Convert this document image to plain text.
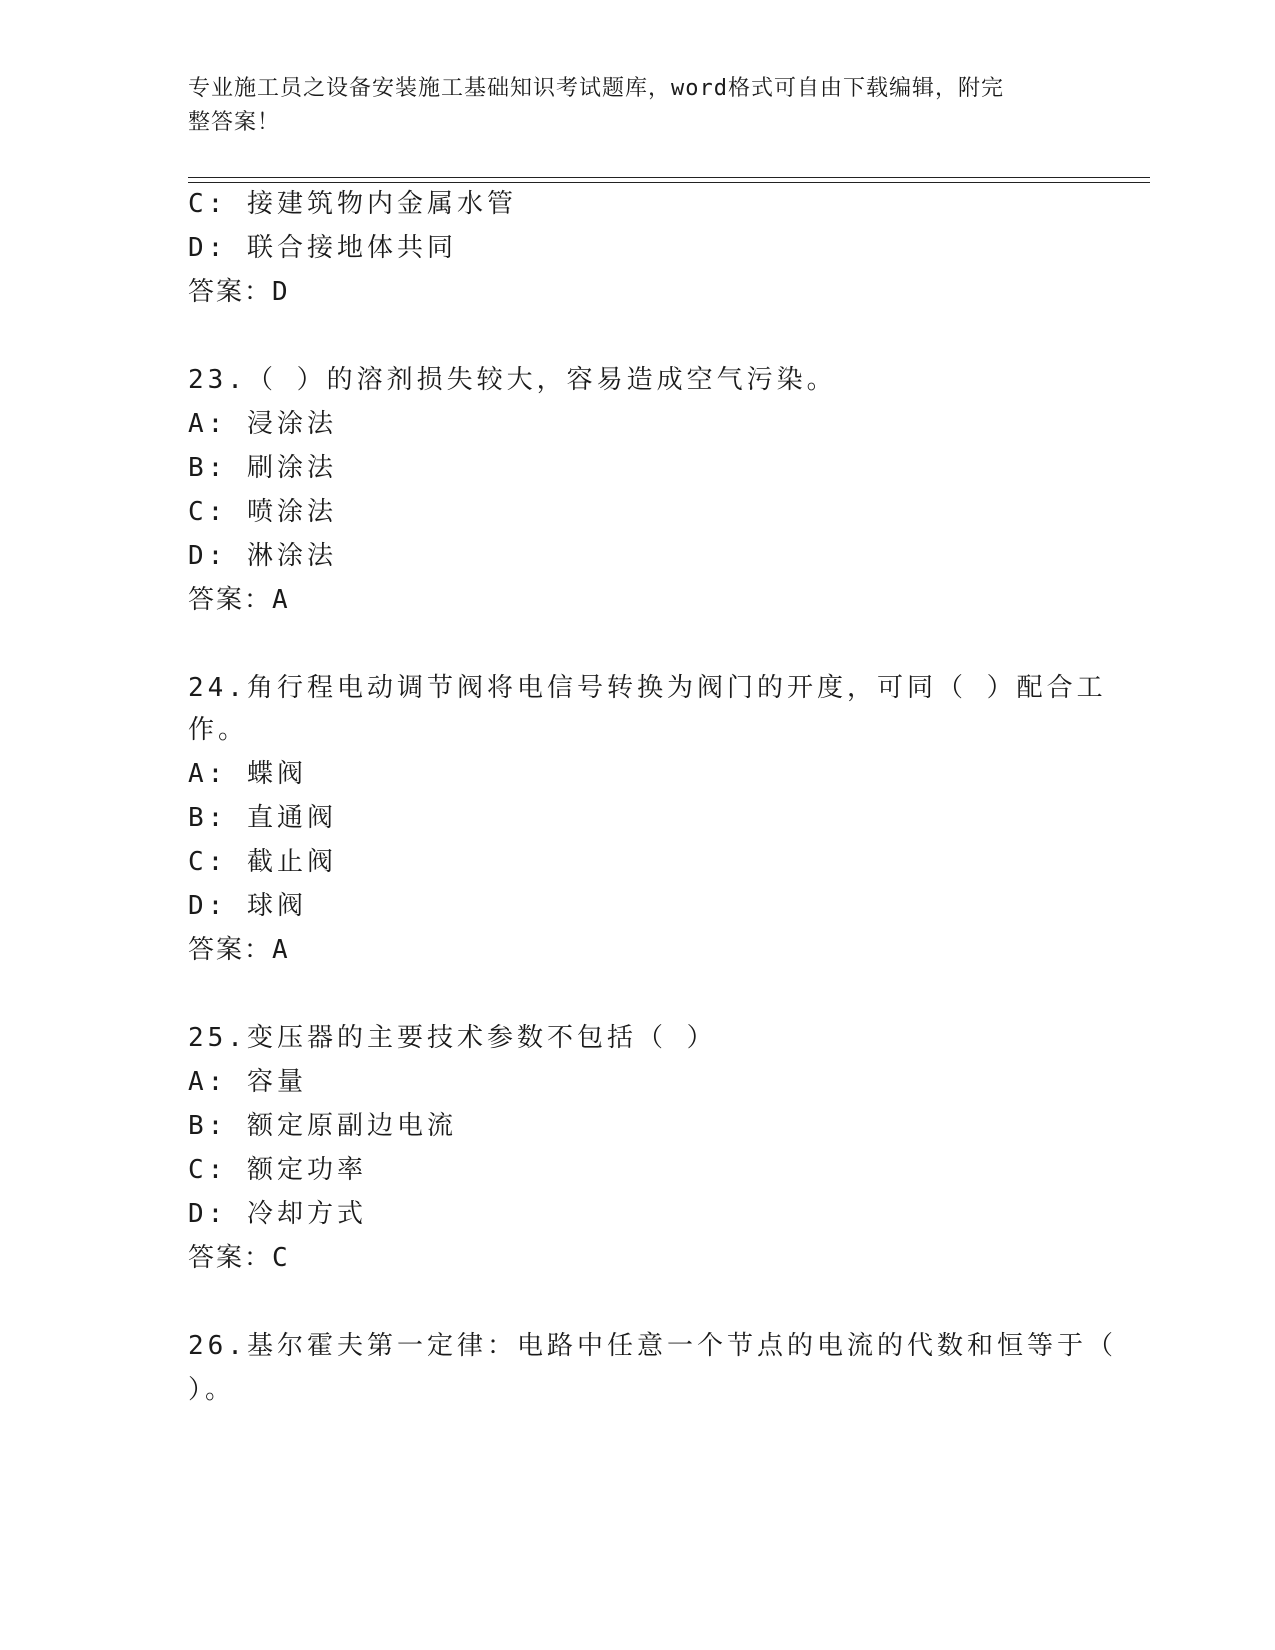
专业施工员之设备安装施工基础知识考试题库，word格式可自由下载编辑，附完
整答案！
C: 接建筑物内金属水管
D: 联合接地体共同
答案：D
23.（ ）的溶剂损失较大，容易造成空气污染。
A: 浸涂法
B: 刷涂法
C: 喷涂法
D: 淋涂法
答案：A
24.角行程电动调节阀将电信号转换为阀门的开度，可同（ ）配合工
作。
A: 蝶阀
B: 直通阀
C: 截止阀
D: 球阀
答案：A
25.变压器的主要技术参数不包括（ ）
A: 容量
B: 额定原副边电流
C: 额定功率
D: 冷却方式
答案：C
26.基尔霍夫第一定律：电路中任意一个节点的电流的代数和恒等于（
）。
